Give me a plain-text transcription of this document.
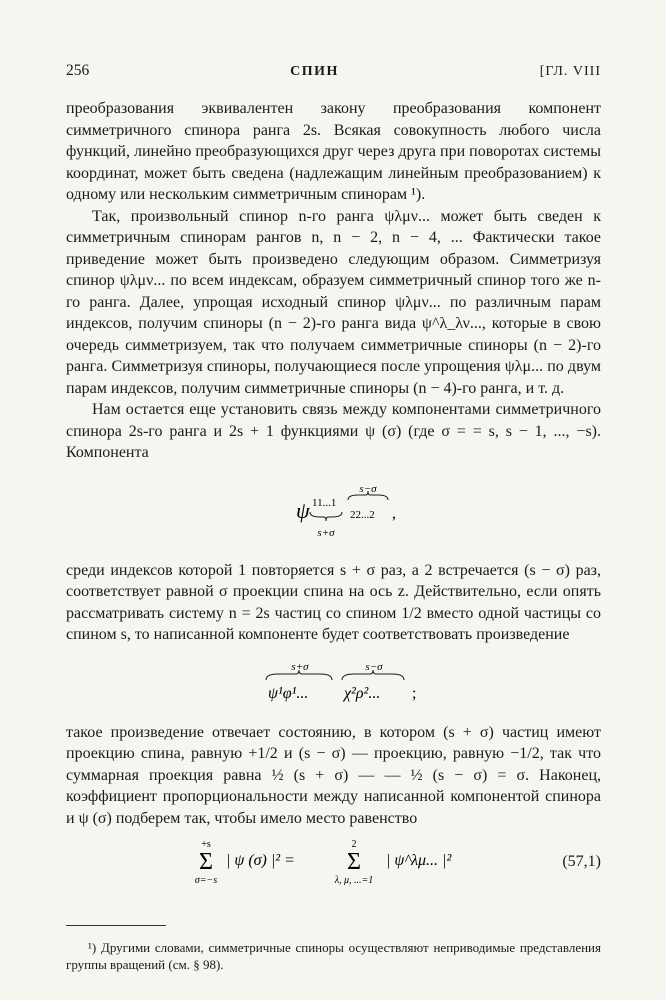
256	СПИН	[ГЛ. VIII

преобразования эквивалентен закону преобразования компонент симметричного спинора ранга 2s. Всякая совокупность любого числа функций, линейно преобразующихся друг через друга при поворотах системы координат, может быть сведена (надлежащим линейным преобразованием) к одному или нескольким симметричным спинорам ¹).

Так, произвольный спинор n-го ранга ψλμν... может быть сведен к симметричным спинорам рангов n, n − 2, n − 4, ... Фактически такое приведение может быть произведено следующим образом. Симметризуя спинор ψλμν... по всем индексам, образуем симметричный спинор того же n-го ранга. Далее, упрощая исходный спинор ψλμν... по различным парам индексов, получим спиноры (n − 2)-го ранга вида ψ^λ_λν..., которые в свою очередь симметризуем, так что получаем симметричные спиноры (n − 2)-го ранга. Симметризуя спиноры, получающиеся после упрощения ψλμ... по двум парам индексов, получим симметричные спиноры (n − 4)-го ранга, и т. д.

Нам остается еще установить связь между компонентами симметричного спинора 2s-го ранга и 2s + 1 функциями ψ (σ) (где σ = = s, s − 1, ..., −s). Компонента

s−σ
ψ 11...1
22...2 ,
s+σ

среди индексов которой 1 повторяется s + σ раз, а 2 встречается (s − σ) раз, соответствует равной σ проекции спина на ось z. Действительно, если опять рассматривать систему n = 2s частиц со спином 1/2 вместо одной частицы со спином s, то написанной компоненте будет соответствовать произведение

s+σ
ψ¹φ¹...
s−σ
χ²ρ²... ;

такое произведение отвечает состоянию, в котором (s + σ) частиц имеют проекцию спина, равную +1/2 и (s − σ) — проекцию, равную −1/2, так что суммарная проекция равна ½ (s + σ) — — ½ (s − σ) = σ. Наконец, коэффициент пропорциональности между написанной компонентой спинора и ψ (σ) подберем так, чтобы имело место равенство

+s
Σ
σ=−s
| ψ (σ) |² =
2
Σ
λ, μ, ...=1
| ψ^λμ... |²	(57,1)

¹) Другими словами, симметричные спиноры осуществляют неприводимые представления группы вращений (см. § 98).
